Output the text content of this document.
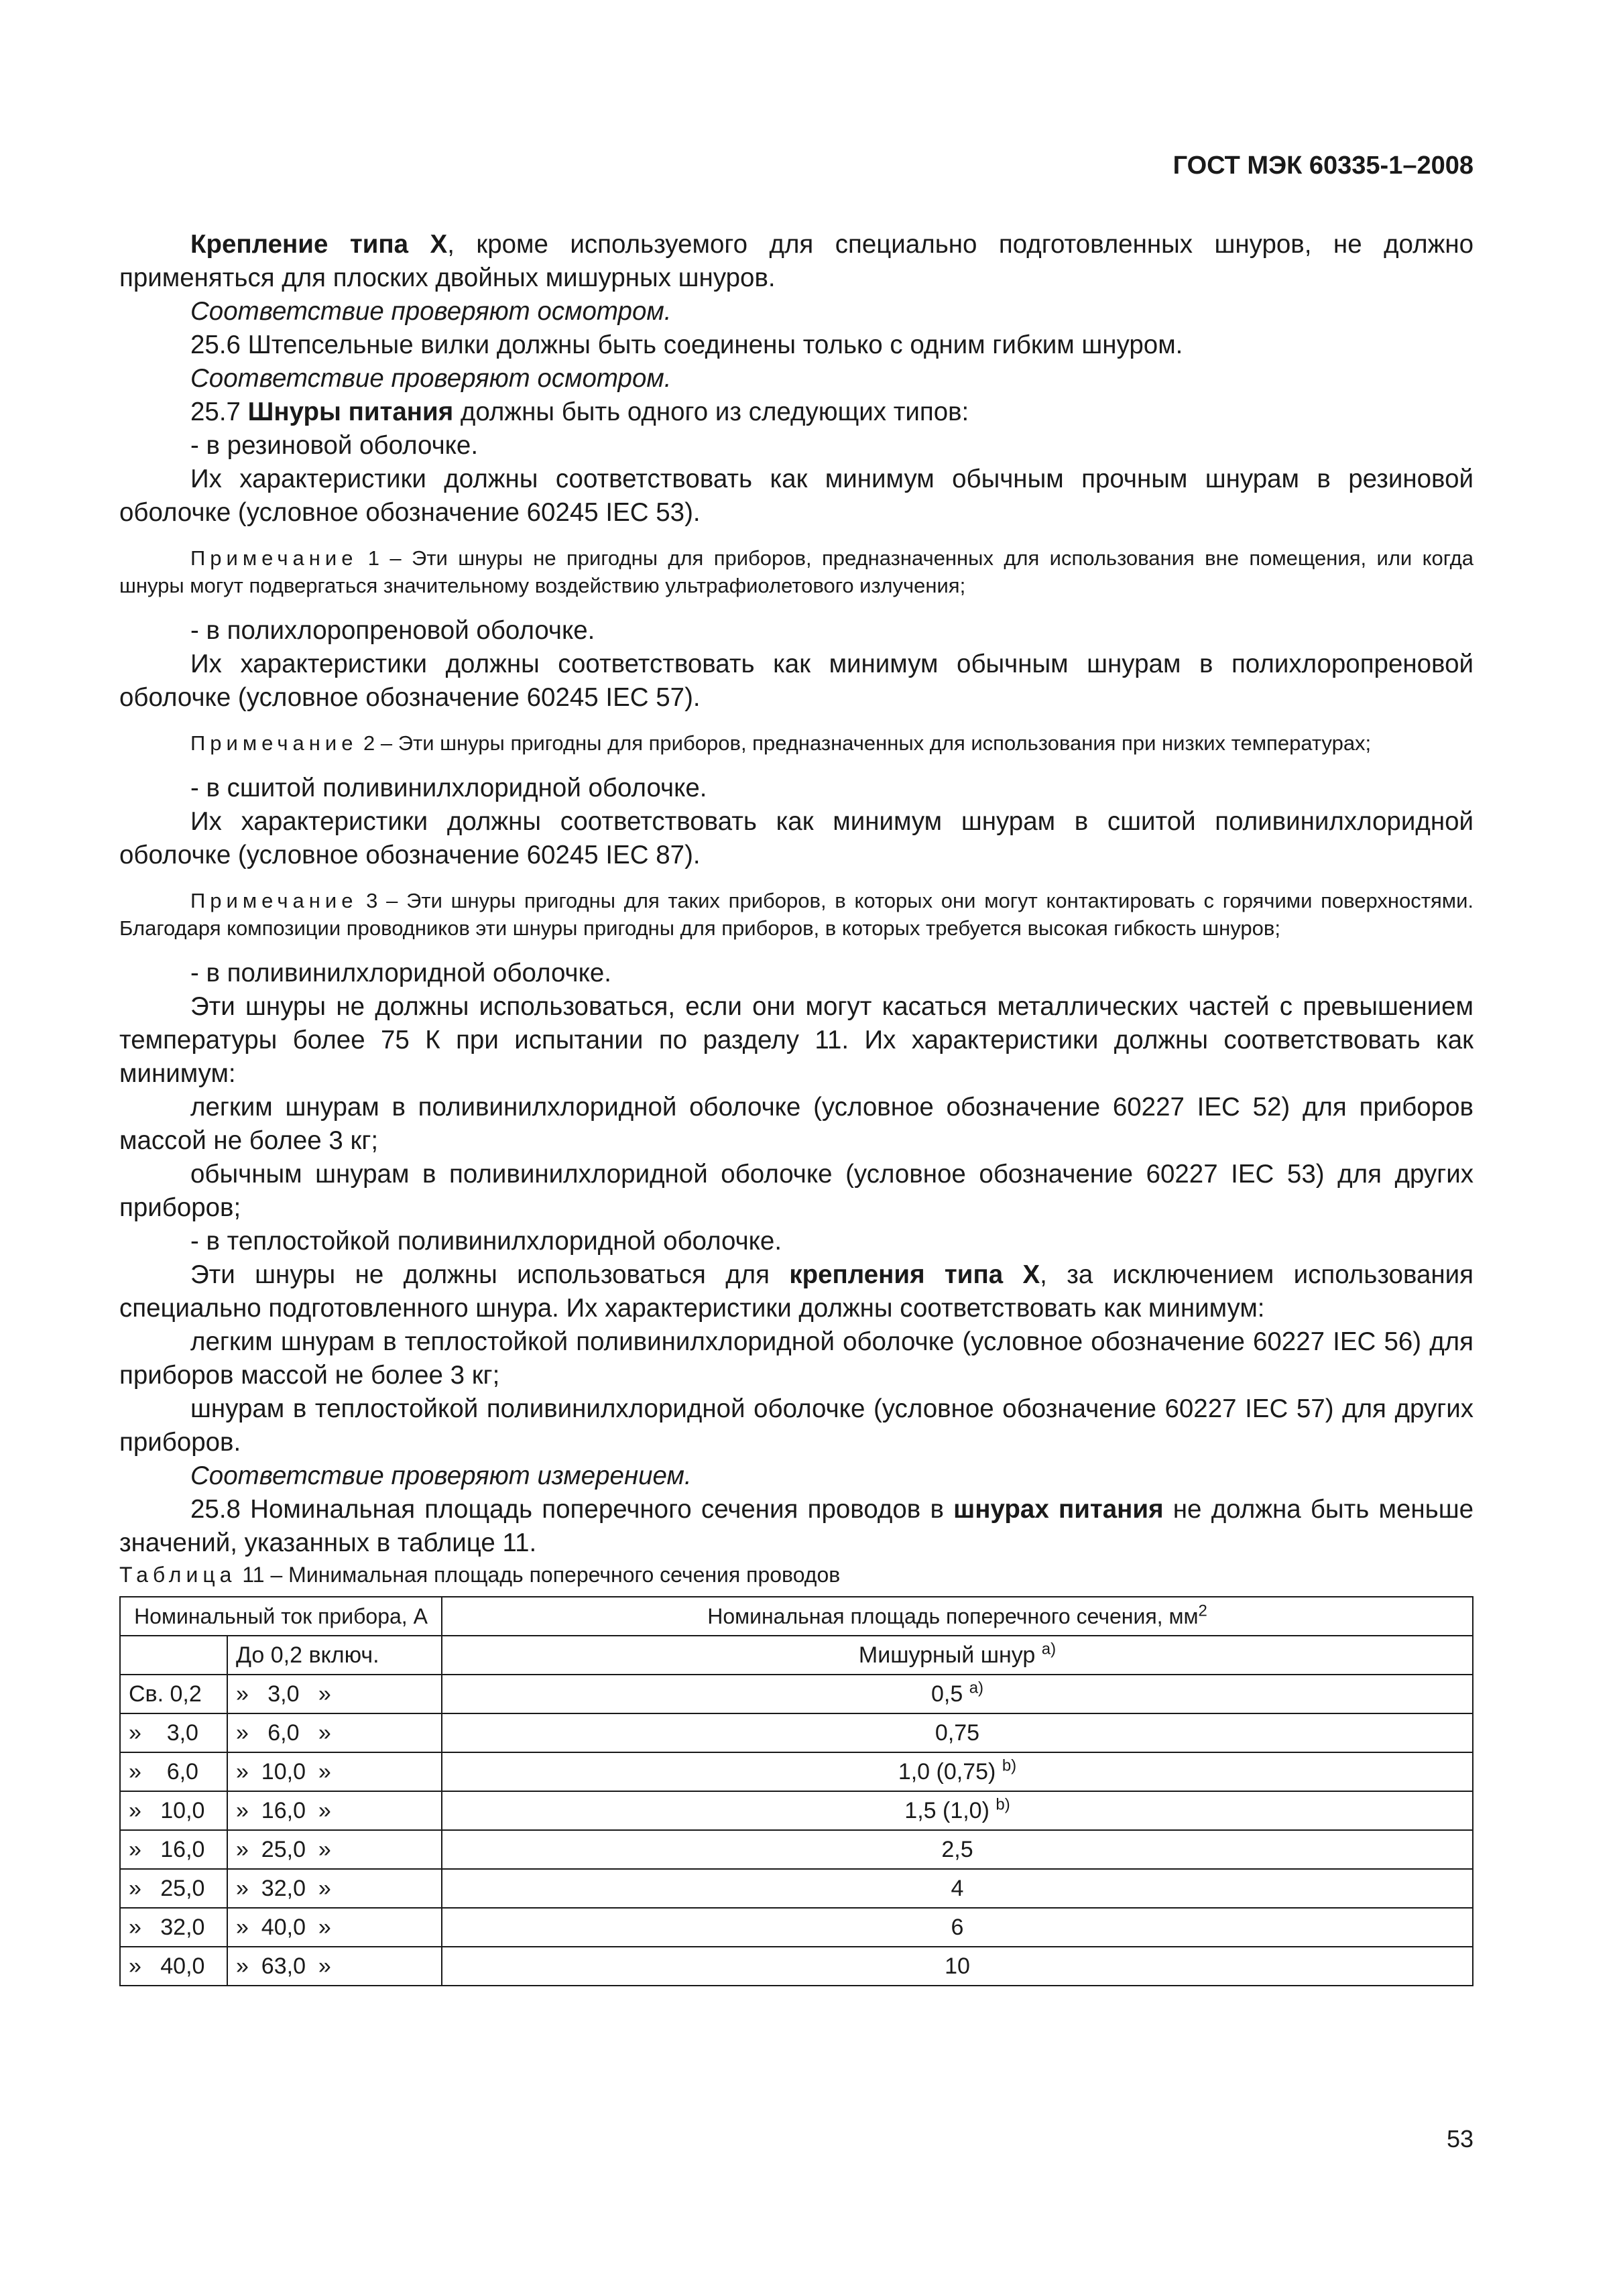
ГОСТ МЭК 60335-1–2008

Крепление типа X, кроме используемого для специально подготовленных шнуров, не должно применяться для плоских двойных мишурных шнуров.

Соответствие проверяют осмотром.

25.6 Штепсельные вилки должны быть соединены только с одним гибким шнуром.

Соответствие проверяют осмотром.

25.7 Шнуры питания должны быть одного из следующих типов:

- в резиновой оболочке.

Их характеристики должны соответствовать как минимум обычным прочным шнурам в резиновой оболочке (условное обозначение 60245 IEC 53).

Примечание 1 – Эти шнуры не пригодны для приборов, предназначенных для использования вне помещения, или когда шнуры могут подвергаться значительному воздействию ультрафиолетового излучения;

- в полихлоропреновой оболочке.

Их характеристики должны соответствовать как минимум обычным шнурам в полихлоропреновой оболочке (условное обозначение 60245 IEC 57).

Примечание 2 – Эти шнуры пригодны для приборов, предназначенных для использования при низких температурах;

- в сшитой поливинилхлоридной оболочке.

Их характеристики должны соответствовать как минимум шнурам в сшитой поливинилхлоридной оболочке (условное обозначение 60245 IEC 87).

Примечание 3 – Эти шнуры пригодны для таких приборов, в которых они могут контактировать с горячими поверхностями. Благодаря композиции проводников эти шнуры пригодны для приборов, в которых требуется высокая гибкость шнуров;

- в поливинилхлоридной оболочке.

Эти шнуры не должны использоваться, если они могут касаться металлических частей с превышением температуры более 75 К при испытании по разделу 11. Их характеристики должны соответствовать как минимум:

легким шнурам в поливинилхлоридной оболочке (условное обозначение 60227 IEC 52) для приборов массой не более 3 кг;

обычным шнурам в поливинилхлоридной оболочке (условное обозначение 60227 IEC 53) для других приборов;

- в теплостойкой поливинилхлоридной оболочке.

Эти шнуры не должны использоваться для крепления типа X, за исключением использования специально подготовленного шнура. Их характеристики должны соответствовать как минимум:

легким шнурам в теплостойкой поливинилхлоридной оболочке (условное обозначение 60227 IEC 56) для приборов массой не более 3 кг;

шнурам в теплостойкой поливинилхлоридной оболочке (условное обозначение 60227 IEC 57) для других приборов.

Соответствие проверяют измерением.

25.8 Номинальная площадь поперечного сечения проводов в шнурах питания не должна быть меньше значений, указанных в таблице 11.

Таблица 11 – Минимальная площадь поперечного сечения проводов
Номинальный ток прибора, А		Номинальная площадь поперечного сечения, $мм^2$
	До 0,2 включ.	Мишурный шнур $^{a)}$
Св. 0,2	»   3,0   »	0,5 $^{a)}$
»    3,0	»   6,0   »	0,75
»    6,0	»  10,0  »	1,0 (0,75) $^{b)}$
»   10,0	»  16,0  »	1,5 (1,0) $^{b)}$
»   16,0	»  25,0  »	2,5
»   25,0	»  32,0  »	4
»   32,0	»  40,0  »	6
»   40,0	»  63,0  »	10
53
